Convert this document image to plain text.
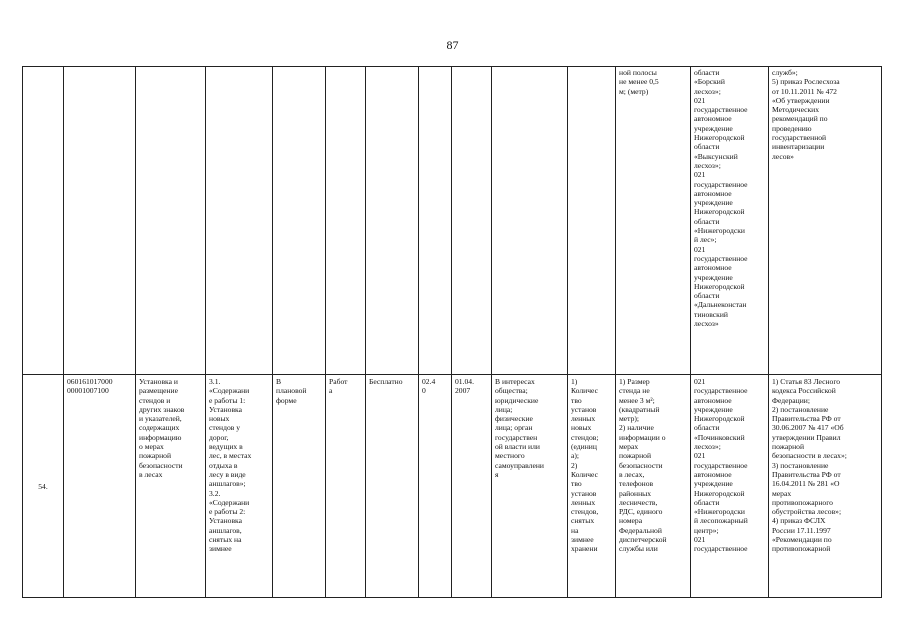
87
ной полосы
не менее 0,5
м; (метр)
области
«Борский
лесхоз»;
021
государственное
автономное
учреждение
Нижегородской
области
«Выксунский
лесхоз»;
021
государственное
автономное
учреждение
Нижегородской
области
«Нижегородски
й лес»;
021
государственное
автономное
учреждение
Нижегородской
области
«Дальнеконстан
тиновский
лесхоз»
служб»;
5) приказ Рослесхоза
от 10.11.2011 № 472
«Об утверждении
Методических
рекомендаций по
проведению
государственной
инвентаризации
лесов»
54.
060161017000
00001007100
Установка и
размещение
стендов и
других знаков
и указателей,
содержащих
информацию
о мерах
пожарной
безопасности
в лесах
3.1.
«Содержани
е работы 1:
Установка
новых
стендов у
дорог,
ведущих в
лес, в местах
отдыха в
лесу в виде
аншлагов»;
3.2.
«Содержани
е работы 2:
Установка
аншлагов,
снятых на
зимнее
В
плановой
форме
Работ
а
Бесплатно	02.4
0
01.04.
2007
В интересах
общества;
юридические
лица;
физические
лица; орган
государствен
ой власти или
местного
самоуправлени
я
1)
Количес
тво
установ
ленных
новых
стендов;
(единиц
а);
2)
Количес
тво
установ
ленных
стендов,
снятых
на
зимнее
хранени
1) Размер
стенда не
менее 3 м²;
(квадратный
метр);
2) наличие
информации о
мерах
пожарной
безопасности
в лесах,
телефонов
районных
лесничеств,
РДС, единого
номера
Федеральной
диспетчерской
службы или
021
государственное
автономное
учреждение
Нижегородской
области
«Починковский
лесхоз»;
021
государственное
автономное
учреждение
Нижегородской
области
«Нижегородски
й лесопожарный
центр»;
021
государственное
1) Статья 83 Лесного
кодекса Российской
Федерации;
2) постановление
Правительства РФ от
30.06.2007 № 417 «Об
утверждении Правил
пожарной
безопасности в лесах»;
3) постановление
Правительства РФ от
16.04.2011 № 281 «О
мерах
противопожарного
обустройства лесов»;
4) приказ ФСЛХ
России 17.11.1997
«Рекомендации по
противопожарной
